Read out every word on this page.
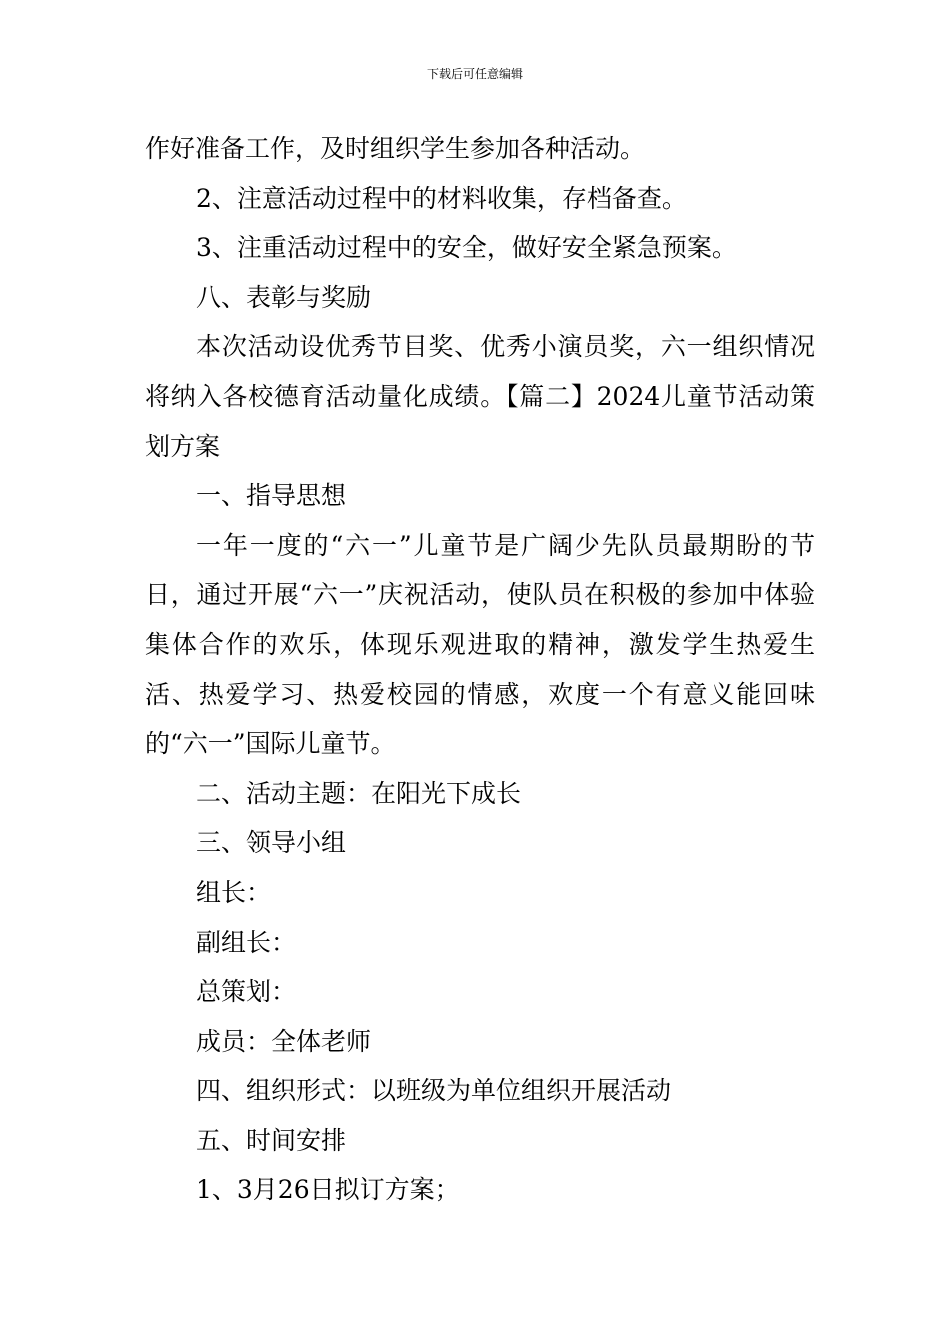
下载后可任意编辑

作好准备工作，及时组织学生参加各种活动。

2、注意活动过程中的材料收集，存档备查。

3、注重活动过程中的安全，做好安全紧急预案。

八、表彰与奖励

本次活动设优秀节目奖、优秀小演员奖，六一组织情况将纳入各校德育活动量化成绩。【篇二】2024儿童节活动策划方案

一、指导思想

一年一度的“六一”儿童节是广阔少先队员最期盼的节日，通过开展“六一”庆祝活动，使队员在积极的参加中体验集体合作的欢乐，体现乐观进取的精神，激发学生热爱生活、热爱学习、热爱校园的情感，欢度一个有意义能回味的“六一”国际儿童节。

二、活动主题：在阳光下成长

三、领导小组

组长：

副组长：

总策划：

成员：全体老师

四、组织形式：以班级为单位组织开展活动

五、时间安排

1、3月26日拟订方案；
